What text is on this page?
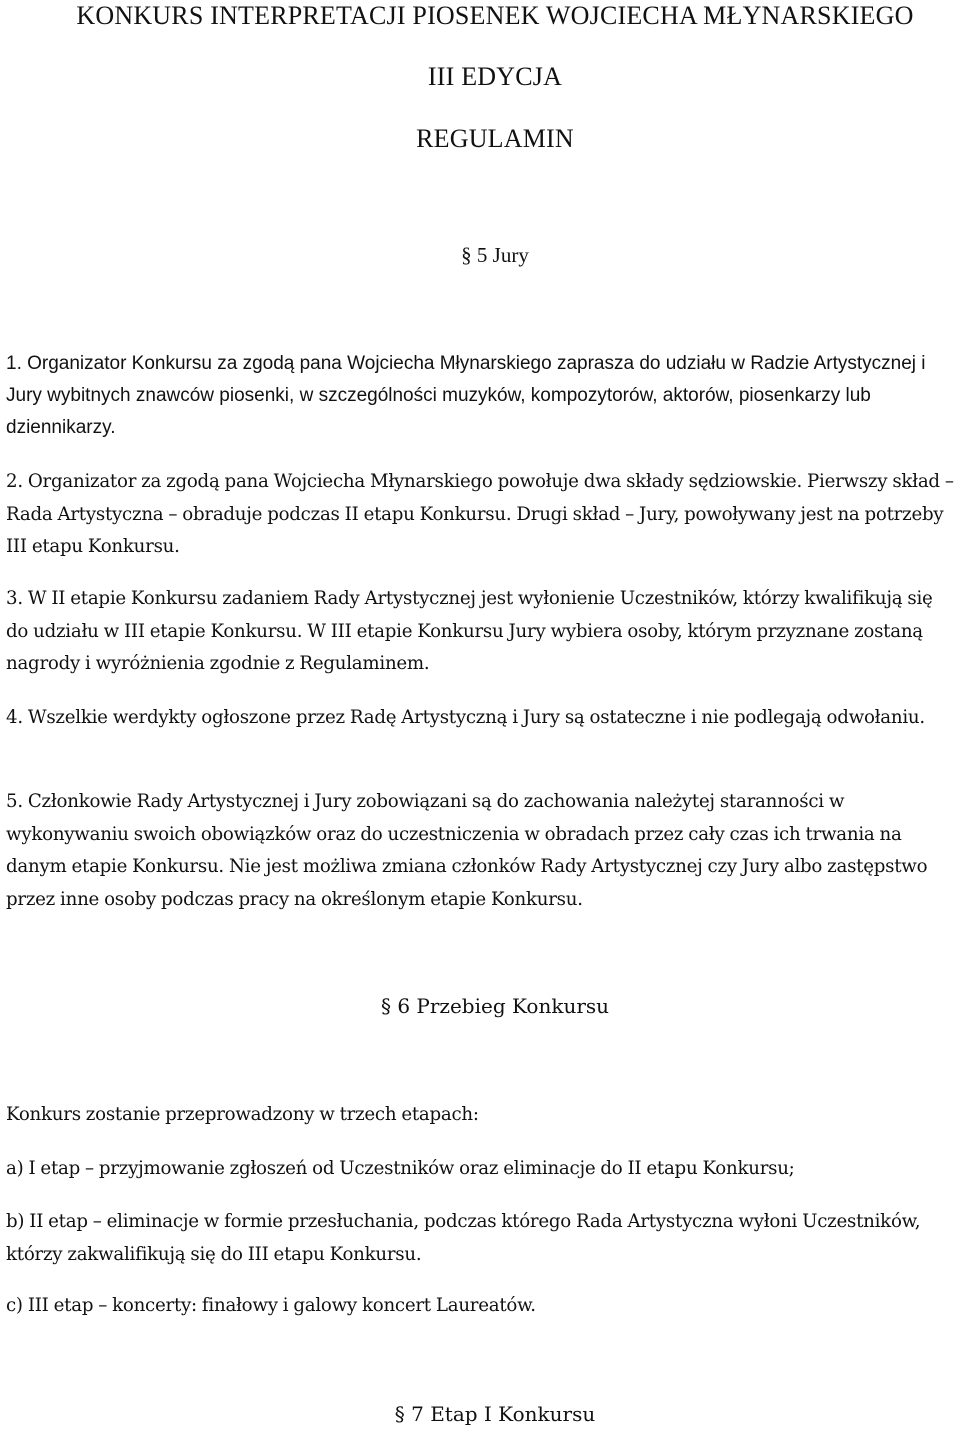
KONKURS INTERPRETACJI PIOSENEK WOJCIECHA MŁYNARSKIEGO
III EDYCJA
REGULAMIN
§ 5 Jury

1. Organizator Konkursu za zgodą pana Wojciecha Młynarskiego zaprasza do udziału w Radzie Artystycznej i Jury wybitnych znawców piosenki, w szczególności muzyków, kompozytorów, aktorów, piosenkarzy lub dziennikarzy.

2. Organizator za zgodą pana Wojciecha Młynarskiego powołuje dwa składy sędziowskie. Pierwszy skład – Rada Artystyczna – obraduje podczas II etapu Konkursu. Drugi skład – Jury, powoływany jest na potrzeby III etapu Konkursu.

3. W II etapie Konkursu zadaniem Rady Artystycznej jest wyłonienie Uczestników, którzy kwalifikują się do udziału w III etapie Konkursu. W III etapie Konkursu Jury wybiera osoby, którym przyznane zostaną nagrody i wyróżnienia zgodnie z Regulaminem.

4. Wszelkie werdykty ogłoszone przez Radę Artystyczną i Jury są ostateczne i nie podlegają odwołaniu.

5. Członkowie Rady Artystycznej i Jury zobowiązani są do zachowania należytej staranności w wykonywaniu swoich obowiązków oraz do uczestniczenia w obradach przez cały czas ich trwania na danym etapie Konkursu. Nie jest możliwa zmiana członków Rady Artystycznej czy Jury albo zastępstwo przez inne osoby podczas pracy na określonym etapie Konkursu.

§ 6 Przebieg Konkursu

Konkurs zostanie przeprowadzony w trzech etapach:

a) I etap – przyjmowanie zgłoszeń od Uczestników oraz eliminacje do II etapu Konkursu;

b) II etap – eliminacje w formie przesłuchania, podczas którego Rada Artystyczna wyłoni Uczestników, którzy zakwalifikują się do III etapu Konkursu.

c) III etap – koncerty: finałowy i galowy koncert Laureatów.

§ 7 Etap I Konkursu
